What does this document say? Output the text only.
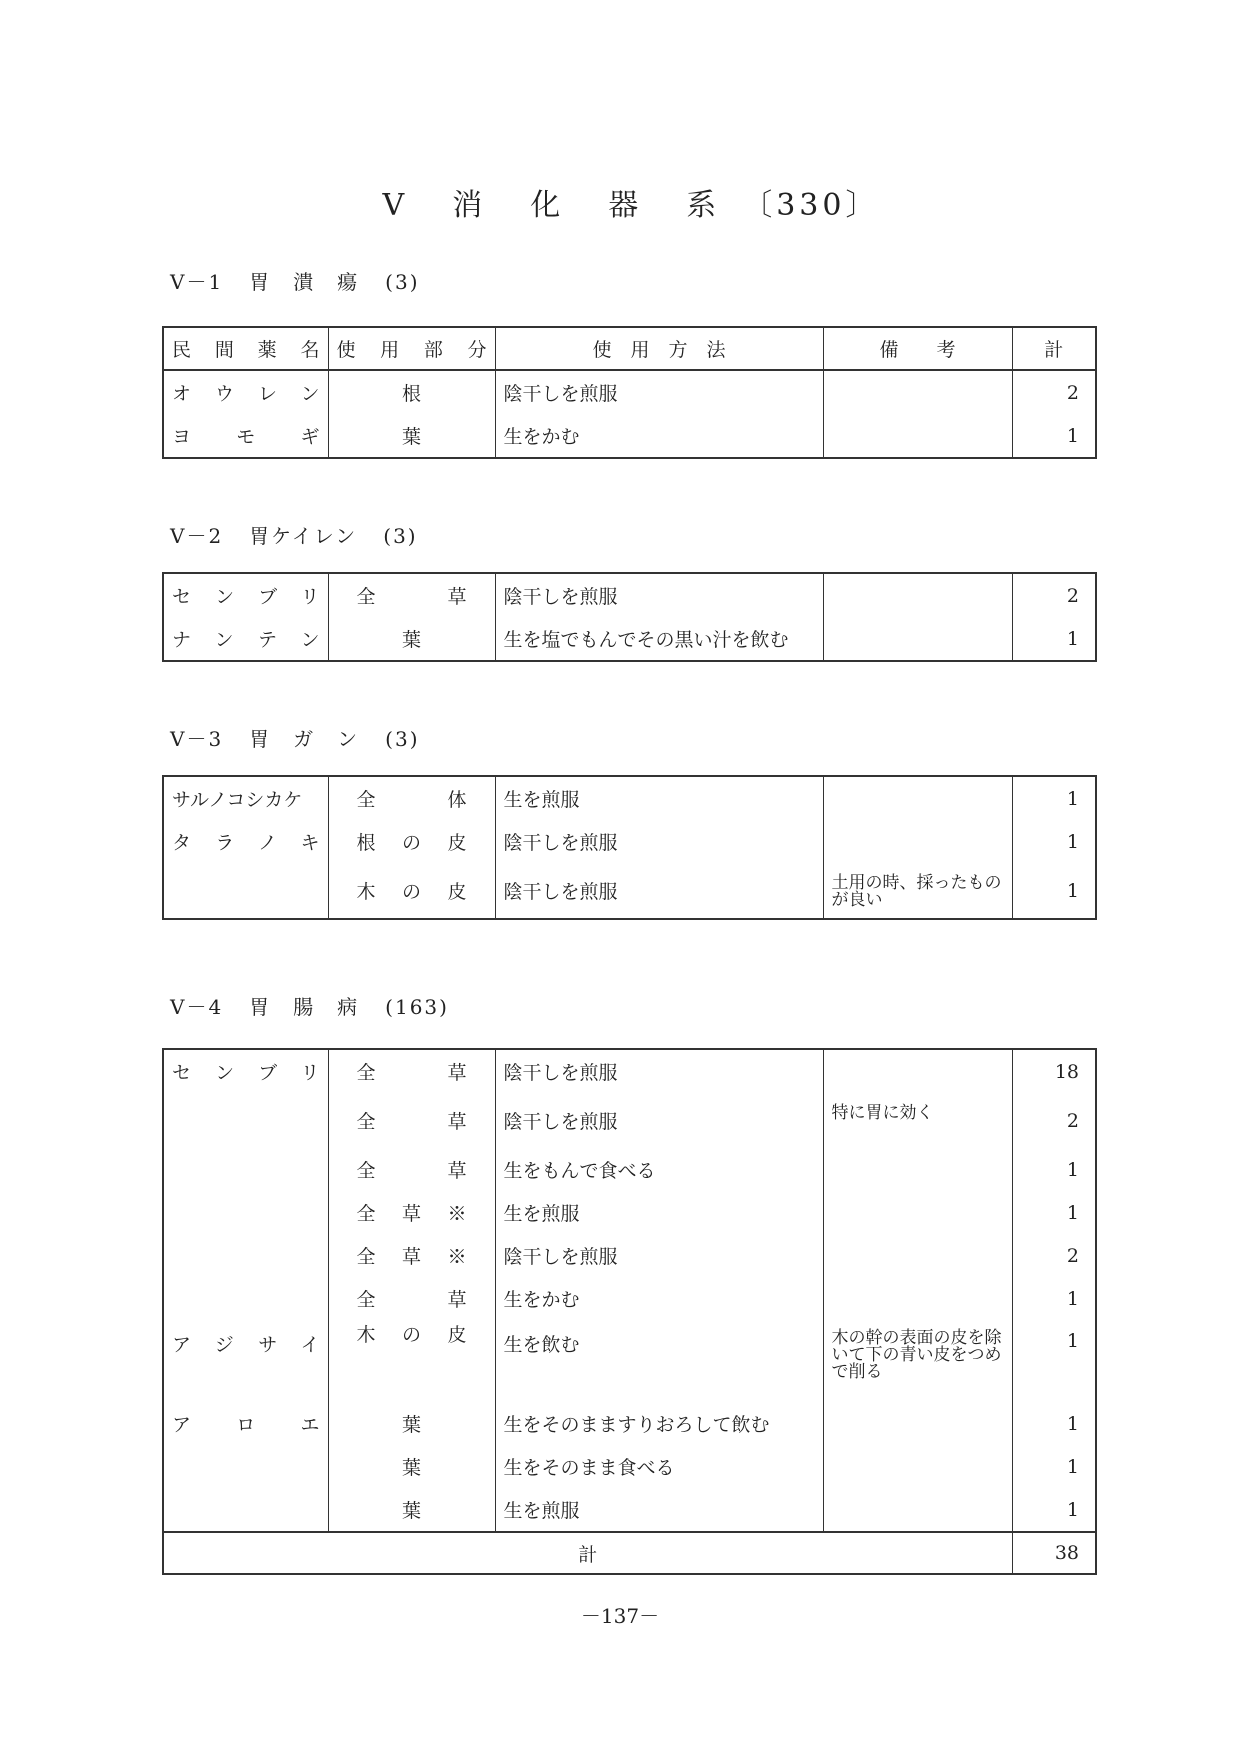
V 消 化 器 系 〔330〕
V－1 胃　潰　瘍 (3)
民間薬名	使用部分	使　用　方　法	備　　考	計
オウレン	根	陰干しを煎服		2
ヨモギ	葉	生をかむ		1
V－2 胃ケイレン (3)
センブリ	全草	陰干しを煎服		2
ナンテン	葉	生を塩でもんでその黒い汁を飲む		1
V－3 胃　ガ　ン (3)
サルノコシカケ	全体	生を煎服		1
タラノキ	根の皮	陰干しを煎服		1
	木の皮	陰干しを煎服	土用の時、採ったものが良い	1
V－4 胃　腸　病 (163)
センブリ	全草	陰干しを煎服		18
	全草	陰干しを煎服	特に胃に効く	2
	全草	生をもんで食べる		1
	全草※	生を煎服		1
	全草※	陰干しを煎服		2
	全草	生をかむ		1
アジサイ	木の皮	生を飲む	木の幹の表面の皮を除いて下の青い皮をつめで削る	1
アロエ	葉	生をそのまますりおろして飲む		1
	葉	生をそのまま食べる		1
	葉	生を煎服		1
計				38
－137－
